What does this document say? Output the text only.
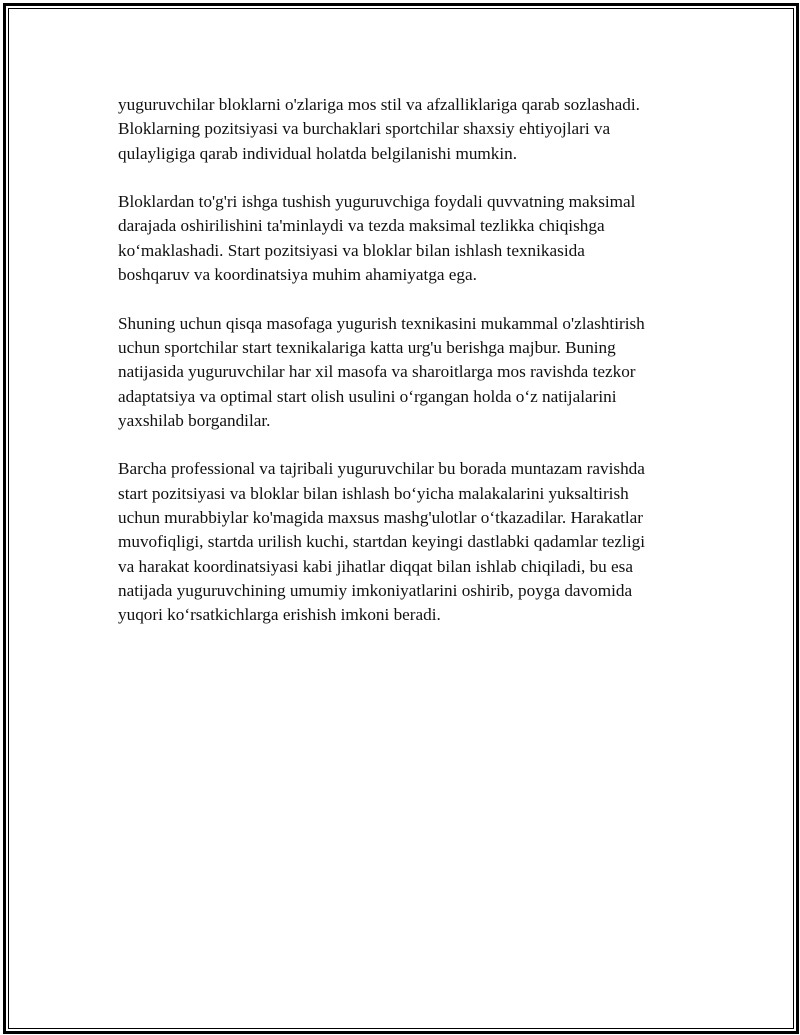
yuguruvchilar bloklarni o'zlariga mos stil va afzalliklariga qarab sozlashadi.
Bloklarning pozitsiyasi va burchaklari sportchilar shaxsiy ehtiyojlari va
qulayligiga qarab individual holatda belgilanishi mumkin.

Bloklardan to'g'ri ishga tushish yuguruvchiga foydali quvvatning maksimal
darajada oshirilishini ta'minlaydi va tezda maksimal tezlikka chiqishga
ko‘maklashadi. Start pozitsiyasi va bloklar bilan ishlash texnikasida
boshqaruv va koordinatsiya muhim ahamiyatga ega.

Shuning uchun qisqa masofaga yugurish texnikasini mukammal o'zlashtirish
uchun sportchilar start texnikalariga katta urg'u berishga majbur. Buning
natijasida yuguruvchilar har xil masofa va sharoitlarga mos ravishda tezkor
adaptatsiya va optimal start olish usulini o‘rgangan holda o‘z natijalarini
yaxshilab borgandilar.

Barcha professional va tajribali yuguruvchilar bu borada muntazam ravishda
start pozitsiyasi va bloklar bilan ishlash bo‘yicha malakalarini yuksaltirish
uchun murabbiylar ko'magida maxsus mashg'ulotlar o‘tkazadilar. Harakatlar
muvofiqligi, startda urilish kuchi, startdan keyingi dastlabki qadamlar tezligi
va harakat koordinatsiyasi kabi jihatlar diqqat bilan ishlab chiqiladi, bu esa
natijada yuguruvchining umumiy imkoniyatlarini oshirib, poyga davomida
yuqori ko‘rsatkichlarga erishish imkoni beradi.
